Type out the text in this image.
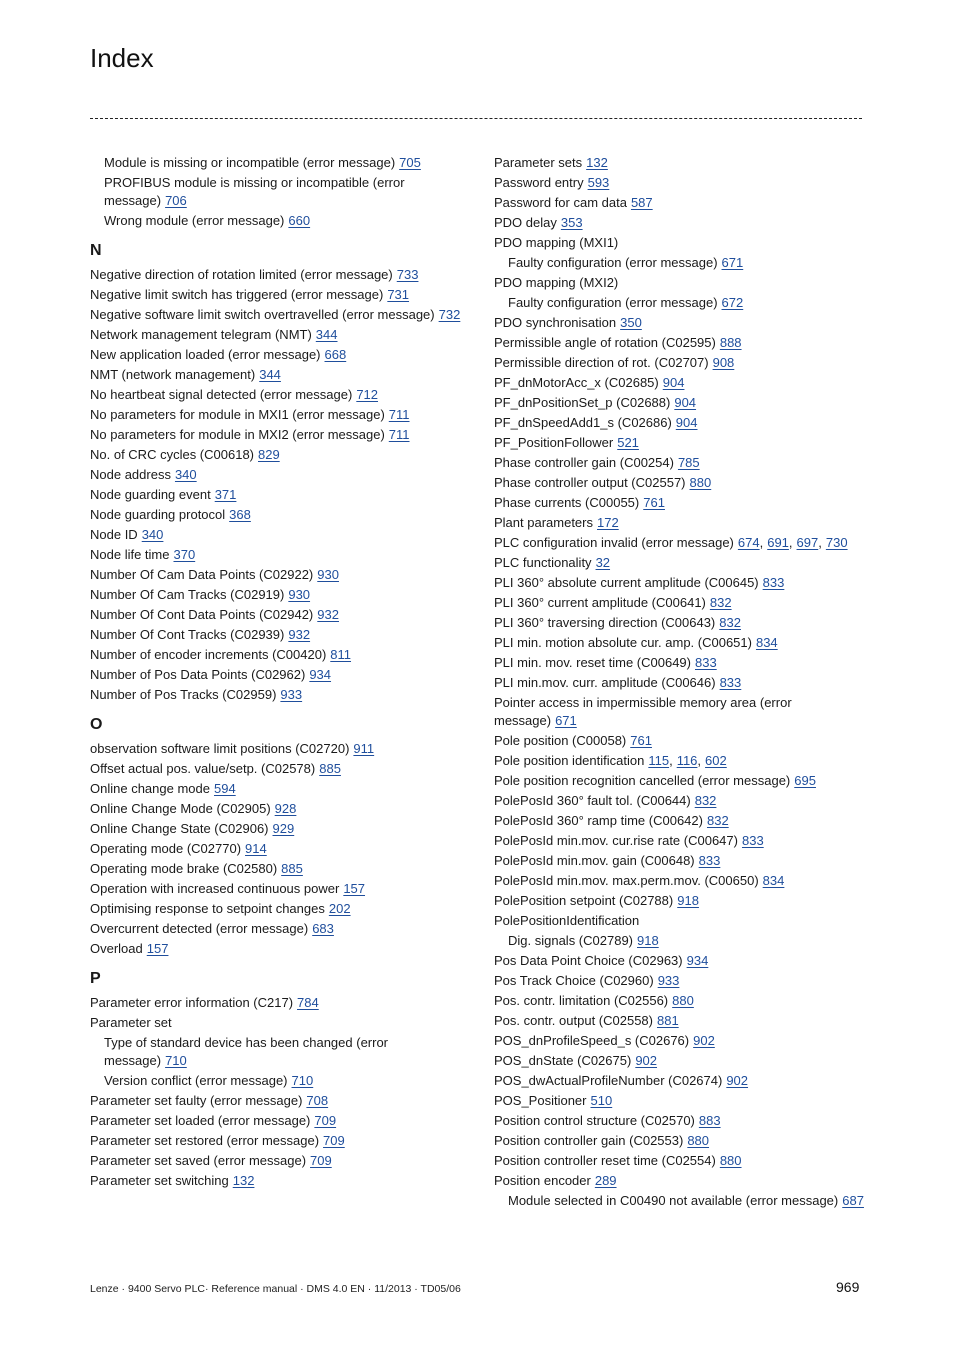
Index
Module is missing or incompatible (error message) 705
PROFIBUS module is missing or incompatible (error message) 706
Wrong module (error message) 660
N
Negative direction of rotation limited (error message) 733
Negative limit switch has triggered (error message) 731
Negative software limit switch overtravelled (error message) 732
Network management telegram (NMT) 344
New application loaded (error message) 668
NMT (network management) 344
No heartbeat signal detected (error message) 712
No parameters for module in MXI1 (error message) 711
No parameters for module in MXI2 (error message) 711
No. of CRC cycles (C00618) 829
Node address 340
Node guarding event 371
Node guarding protocol 368
Node ID 340
Node life time 370
Number Of Cam Data Points (C02922) 930
Number Of Cam Tracks (C02919) 930
Number Of Cont Data Points (C02942) 932
Number Of Cont Tracks (C02939) 932
Number of encoder increments (C00420) 811
Number of Pos Data Points (C02962) 934
Number of Pos Tracks (C02959) 933
O
observation software limit positions (C02720) 911
Offset actual pos. value/setp. (C02578) 885
Online change mode 594
Online Change Mode (C02905) 928
Online Change State (C02906) 929
Operating mode (C02770) 914
Operating mode brake (C02580) 885
Operation with increased continuous power 157
Optimising response to setpoint changes 202
Overcurrent detected (error message) 683
Overload 157
P
Parameter error information (C217) 784
Parameter set
Type of standard device has been changed (error message) 710
Version conflict (error message) 710
Parameter set faulty (error message) 708
Parameter set loaded (error message) 709
Parameter set restored (error message) 709
Parameter set saved (error message) 709
Parameter set switching 132
Parameter sets 132
Password entry 593
Password for cam data 587
PDO delay 353
PDO mapping (MXI1)
Faulty configuration (error message) 671
PDO mapping (MXI2)
Faulty configuration (error message) 672
PDO synchronisation 350
Permissible angle of rotation (C02595) 888
Permissible direction of rot. (C02707) 908
PF_dnMotorAcc_x (C02685) 904
PF_dnPositionSet_p (C02688) 904
PF_dnSpeedAdd1_s (C02686) 904
PF_PositionFollower 521
Phase controller gain (C00254) 785
Phase controller output (C02557) 880
Phase currents (C00055) 761
Plant parameters 172
PLC configuration invalid (error message) 674, 691, 697, 730
PLC functionality 32
PLI 360° absolute current amplitude (C00645) 833
PLI 360° current amplitude (C00641) 832
PLI 360° traversing direction (C00643) 832
PLI min. motion absolute cur. amp. (C00651) 834
PLI min. mov. reset time (C00649) 833
PLI min.mov. curr. amplitude (C00646) 833
Pointer access in impermissible memory area (error message) 671
Pole position (C00058) 761
Pole position identification 115, 116, 602
Pole position recognition cancelled (error message) 695
PolePosId 360° fault tol. (C00644) 832
PolePosId 360° ramp time (C00642) 832
PolePosId min.mov. cur.rise rate (C00647) 833
PolePosId min.mov. gain (C00648) 833
PolePosId min.mov. max.perm.mov. (C00650) 834
PolePosition setpoint (C02788) 918
PolePositionIdentification
Dig. signals (C02789) 918
Pos Data Point Choice (C02963) 934
Pos Track Choice (C02960) 933
Pos. contr. limitation (C02556) 880
Pos. contr. output (C02558) 881
POS_dnProfileSpeed_s (C02676) 902
POS_dnState (C02675) 902
POS_dwActualProfileNumber (C02674) 902
POS_Positioner 510
Position control structure (C02570) 883
Position controller gain (C02553) 880
Position controller reset time (C02554) 880
Position encoder 289
Module selected in C00490 not available (error message) 687
Lenze · 9400 Servo PLC· Reference manual · DMS 4.0 EN · 11/2013 · TD05/06	969
